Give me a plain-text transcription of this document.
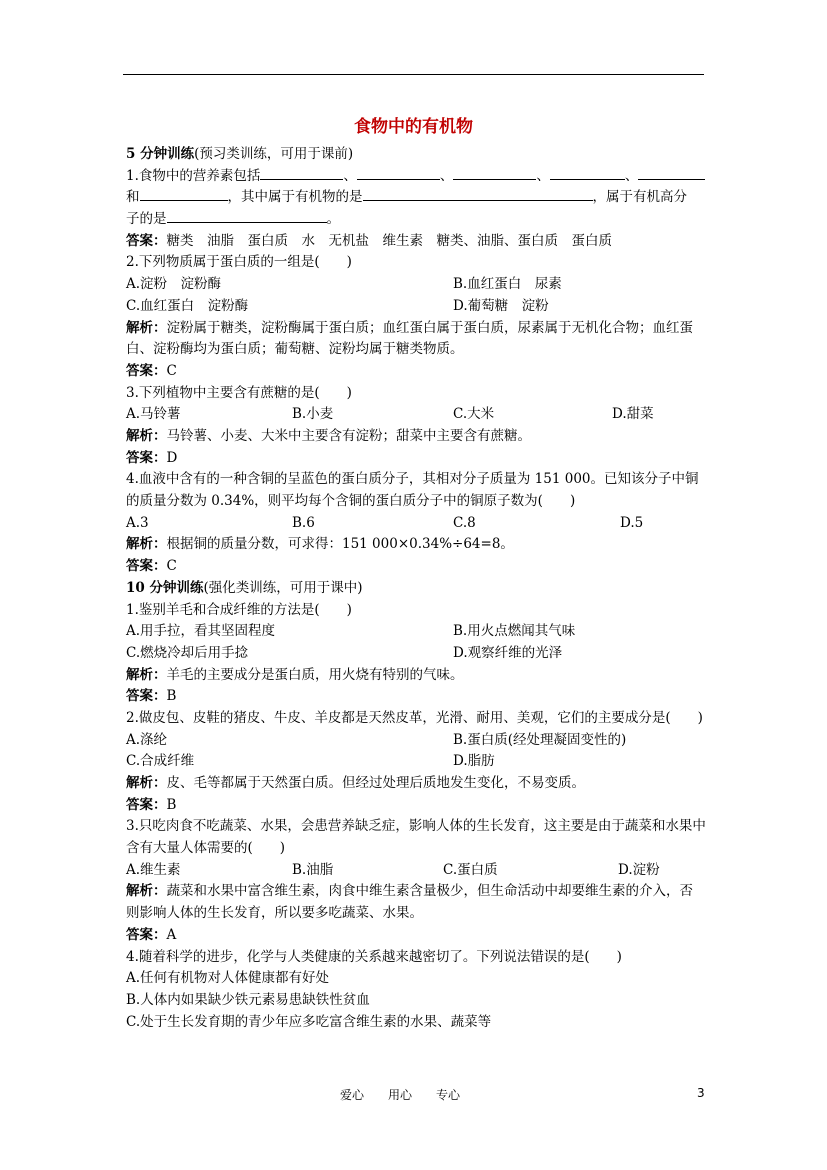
食物中的有机物
5 分钟训练(预习类训练，可用于课前)
1.食物中的营养素包括	、	、	、	、
和	，其中属于有机物的是	，属于有机高分
子的是	。
答案：糖类　油脂　蛋白质　水　无机盐　维生素　糖类、油脂、蛋白质　蛋白质
2.下列物质属于蛋白质的一组是(　　)
A.淀粉　淀粉酶	B.血红蛋白　尿素
C.血红蛋白　淀粉酶	D.葡萄糖　淀粉
解析：淀粉属于糖类，淀粉酶属于蛋白质；血红蛋白属于蛋白质，尿素属于无机化合物；血红蛋白、淀粉酶均为蛋白质；葡萄糖、淀粉均属于糖类物质。
答案：C
3.下列植物中主要含有蔗糖的是(　　)
A.马铃薯	B.小麦	C.大米	D.甜菜
解析：马铃薯、小麦、大米中主要含有淀粉；甜菜中主要含有蔗糖。
答案：D
4.血液中含有的一种含铜的呈蓝色的蛋白质分子，其相对分子质量为 151 000。已知该分子中铜的质量分数为 0.34%，则平均每个含铜的蛋白质分子中的铜原子数为(　　)
A.3	B.6	C.8	D.5
解析：根据铜的质量分数，可求得：151 000×0.34%÷64=8。
答案：C
10 分钟训练(强化类训练，可用于课中)
1.鉴别羊毛和合成纤维的方法是(　　)
A.用手拉，看其坚固程度	B.用火点燃闻其气味
C.燃烧冷却后用手捻	D.观察纤维的光泽
解析：羊毛的主要成分是蛋白质，用火烧有特别的气味。
答案：B
2.做皮包、皮鞋的猪皮、牛皮、羊皮都是天然皮革，光滑、耐用、美观，它们的主要成分是(　　)
A.涤纶	B.蛋白质(经处理凝固变性的)
C.合成纤维	D.脂肪
解析：皮、毛等都属于天然蛋白质。但经过处理后质地发生变化，不易变质。
答案：B
3.只吃肉食不吃蔬菜、水果，会患营养缺乏症，影响人体的生长发育，这主要是由于蔬菜和水果中含有大量人体需要的(　　)
A.维生素	B.油脂	C.蛋白质	D.淀粉
解析：蔬菜和水果中富含维生素，肉食中维生素含量极少，但生命活动中却要维生素的介入，否则影响人体的生长发育，所以要多吃蔬菜、水果。
答案：A
4.随着科学的进步，化学与人类健康的关系越来越密切了。下列说法错误的是(　　)
A.任何有机物对人体健康都有好处
B.人体内如果缺少铁元素易患缺铁性贫血
C.处于生长发育期的青少年应多吃富含维生素的水果、蔬菜等
爱心　　用心　　专心	3
